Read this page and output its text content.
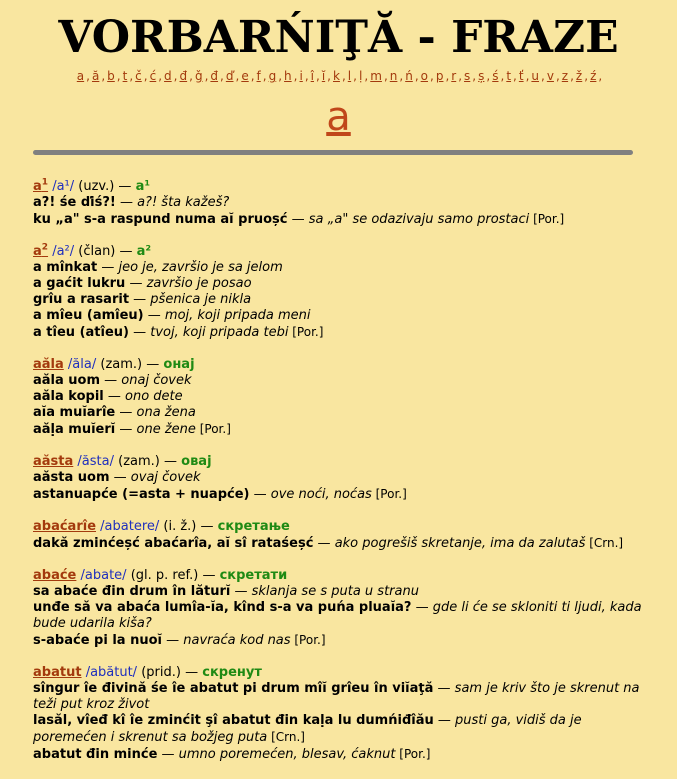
VORBARŃIŢĂ - FRAZE
a , ă , b , t , č , ć , d , đ , ǧ , đ , ď , e , f , g , h , i , î , ĭ , k , l , ḷ , m , n , ń , o , p , r , s , ș , ś , t , ť , u , v , z , ž , ź ,
a
$a^1$ /a¹/ (uzv.) — a¹
a?! śe ďiś?! — a?! šta kažeš?
ku „a" s-a raspund numa aĭ pruoșć — sa „a" se odazivaju samo prostaci [Por.]
$a^2$ /a²/ (član) — a²
a mînkat — jeo je, završio je sa jelom
a gaćit lukru — završio je posao
grîu a rasarit — pšenica je nikla
a mîeu (amîeu) — moj, koji pripada meni
a tîeu (atîeu) — tvoj, koji pripada tebi [Por.]
aăla /ăla/ (zam.) — онај
aăla uom — onaj čovek
aăla kopil — ono dete
aĭa muĭarîe — ona žena
aăḷa muĭerĭ — one žene [Por.]
aăsta /ăsta/ (zam.) — овај
aăsta uom — ovaj čovek
astanuapće (=asta + nuapće) — ove noći, noćas [Por.]
abaćarîe /abatere/ (i. ž.) — скретање
dakă zminćeșć abaćarîa, aĭ sî rataśeșć — ako pogrešiš skretanje, ima da zalutaš [Crn.]
abaće /abate/ (gl. p. ref.) — скретати
sa abaće đin drum în lăturĭ — sklanja se s puta u stranu
unđe să va abaća lumîa-ĭa, kînd s-a va puńa pluaĭa? — gde li će se skloniti ti ljudi, kada bude udarila kiša?
s-abaće pi la nuoĭ — navraća kod nas [Por.]
abatut /abătut/ (prid.) — скренут
sîngur îe đivină śe îe abatut pi drum mîĭ grîeu în viĭaţă — sam je kriv što je skrenut na teži put kroz život
lasăl, vîeđ kî îe zminćit şî abatut đin kaḷa lu dumńiđîău — pusti ga, vidiš da je poremećen i skrenut sa božjeg puta [Crn.]
abatut đin minće — umno poremećen, blesav, ćaknut [Por.]
